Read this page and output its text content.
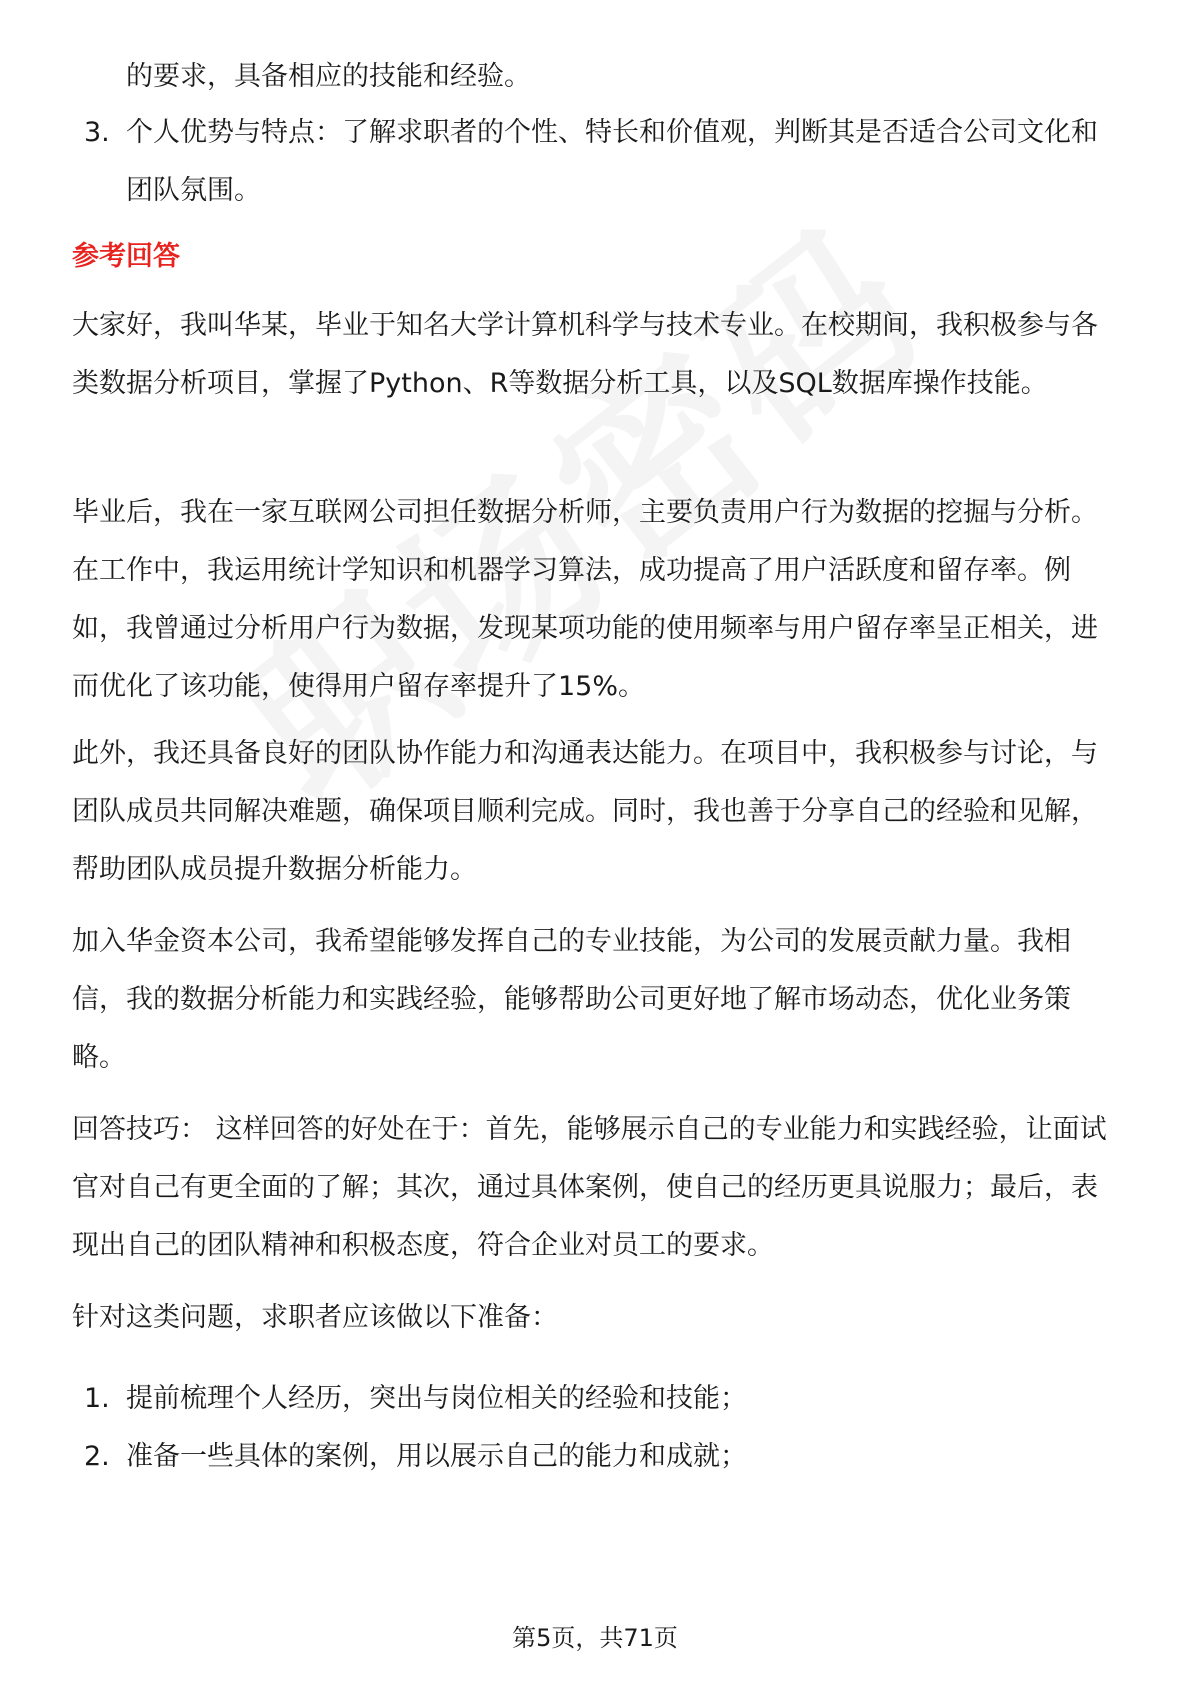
的要求，具备相应的技能和经验。

3. 个人优势与特点：了解求职者的个性、特长和价值观，判断其是否适合公司文化和团队氛围。
参考回答

大家好，我叫华某，毕业于知名大学计算机科学与技术专业。在校期间，我积极参与各类数据分析项目，掌握了Python、R等数据分析工具，以及SQL数据库操作技能。

毕业后，我在一家互联网公司担任数据分析师，主要负责用户行为数据的挖掘与分析。在工作中，我运用统计学知识和机器学习算法，成功提高了用户活跃度和留存率。例如，我曾通过分析用户行为数据，发现某项功能的使用频率与用户留存率呈正相关，进而优化了该功能，使得用户留存率提升了15%。

此外，我还具备良好的团队协作能力和沟通表达能力。在项目中，我积极参与讨论，与团队成员共同解决难题，确保项目顺利完成。同时，我也善于分享自己的经验和见解，帮助团队成员提升数据分析能力。

加入华金资本公司，我希望能够发挥自己的专业技能，为公司的发展贡献力量。我相信，我的数据分析能力和实践经验，能够帮助公司更好地了解市场动态，优化业务策略。

回答技巧： 这样回答的好处在于：首先，能够展示自己的专业能力和实践经验，让面试官对自己有更全面的了解；其次，通过具体案例，使自己的经历更具说服力；最后，表现出自己的团队精神和积极态度，符合企业对员工的要求。

针对这类问题，求职者应该做以下准备：

1. 提前梳理个人经历，突出与岗位相关的经验和技能；
2. 准备一些具体的案例，用以展示自己的能力和成就；
第5页，共71页
